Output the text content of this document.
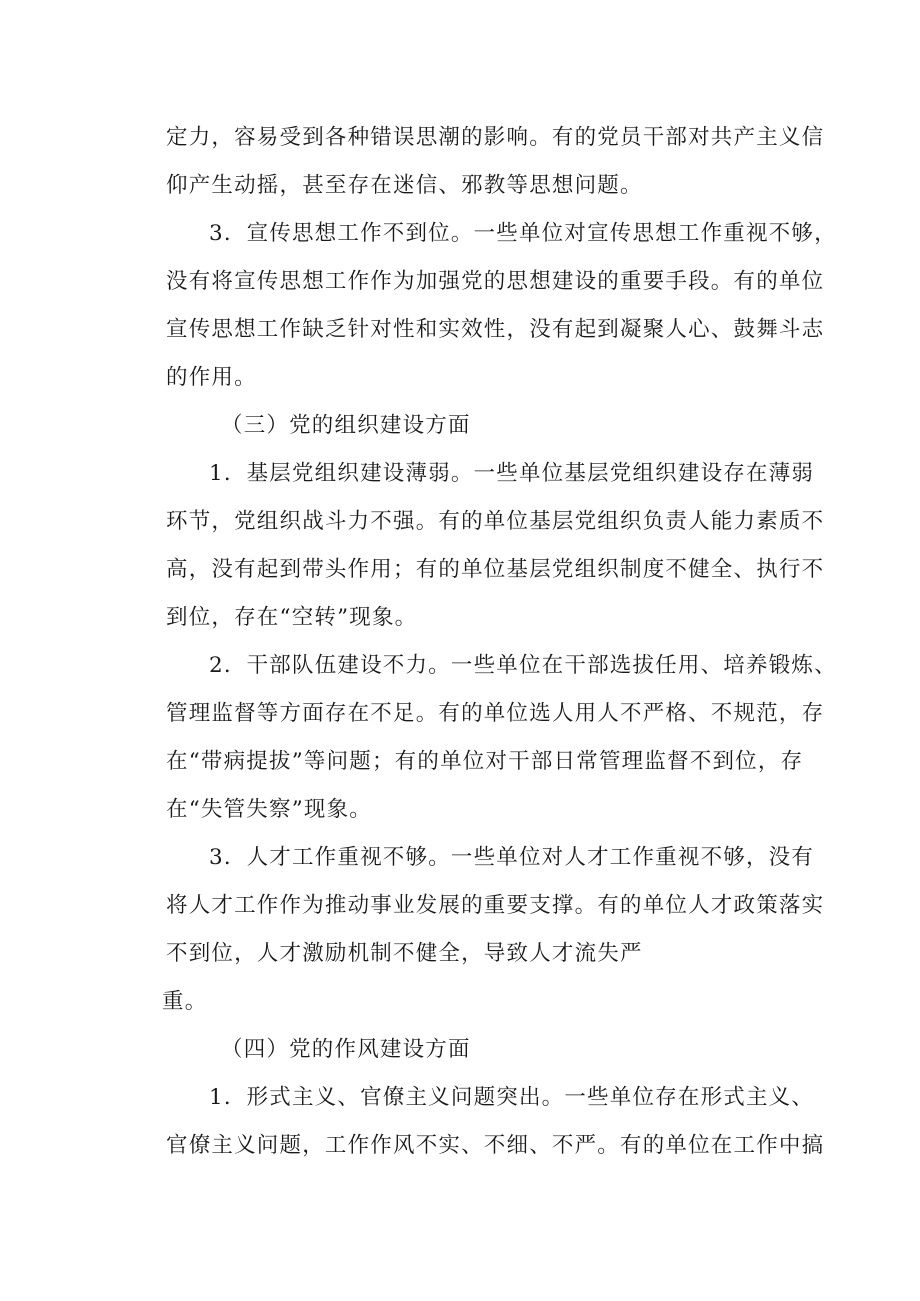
定力，容易受到各种错误思潮的影响。有的党员干部对共产主义信
仰产生动摇，甚至存在迷信、邪教等思想问题。

3．宣传思想工作不到位。一些单位对宣传思想工作重视不够，
没有将宣传思想工作作为加强党的思想建设的重要手段。有的单位
宣传思想工作缺乏针对性和实效性，没有起到凝聚人心、鼓舞斗志
的作用。

（三）党的组织建设方面

1．基层党组织建设薄弱。一些单位基层党组织建设存在薄弱
环节，党组织战斗力不强。有的单位基层党组织负责人能力素质不
高，没有起到带头作用；有的单位基层党组织制度不健全、执行不
到位，存在“空转”现象。

2．干部队伍建设不力。一些单位在干部选拔任用、培养锻炼、
管理监督等方面存在不足。有的单位选人用人不严格、不规范，存
在“带病提拔”等问题；有的单位对干部日常管理监督不到位，存
在“失管失察”现象。

3．人才工作重视不够。一些单位对人才工作重视不够，没有
将人才工作作为推动事业发展的重要支撑。有的单位人才政策落实
不到位，人才激励机制不健全，导致人才流失严
重。

（四）党的作风建设方面

1．形式主义、官僚主义问题突出。一些单位存在形式主义、
官僚主义问题，工作作风不实、不细、不严。有的单位在工作中搞
